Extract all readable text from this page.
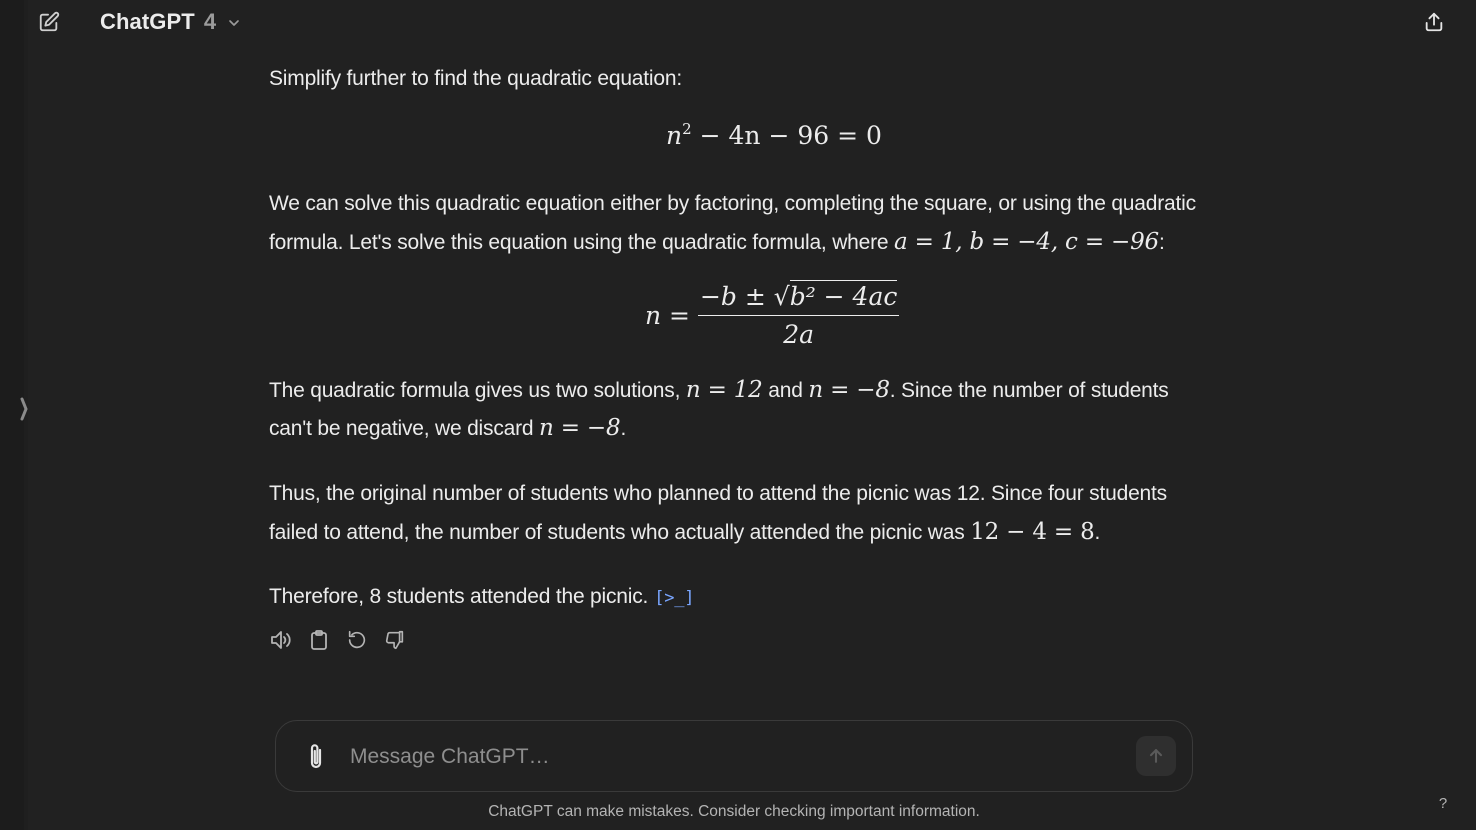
ChatGPT 4
Simplify further to find the quadratic equation:
$n^2 - 4n - 96 = 0$
We can solve this quadratic equation either by factoring, completing the square, or using the quadratic
formula. Let's solve this equation using the quadratic formula, where a = 1, b = −4, c = −96:
$n = \frac{\text{−b ± √b² − 4ac}}{2a}$
The quadratic formula gives us two solutions, n = 12 and n = −8. Since the number of students
can't be negative, we discard n = −8.
Thus, the original number of students who planned to attend the picnic was 12. Since four students
failed to attend, the number of students who actually attended the picnic was 12 − 4 = 8.
Therefore, 8 students attended the picnic. [>_]
Message ChatGPT…
ChatGPT can make mistakes. Consider checking important information.	?
